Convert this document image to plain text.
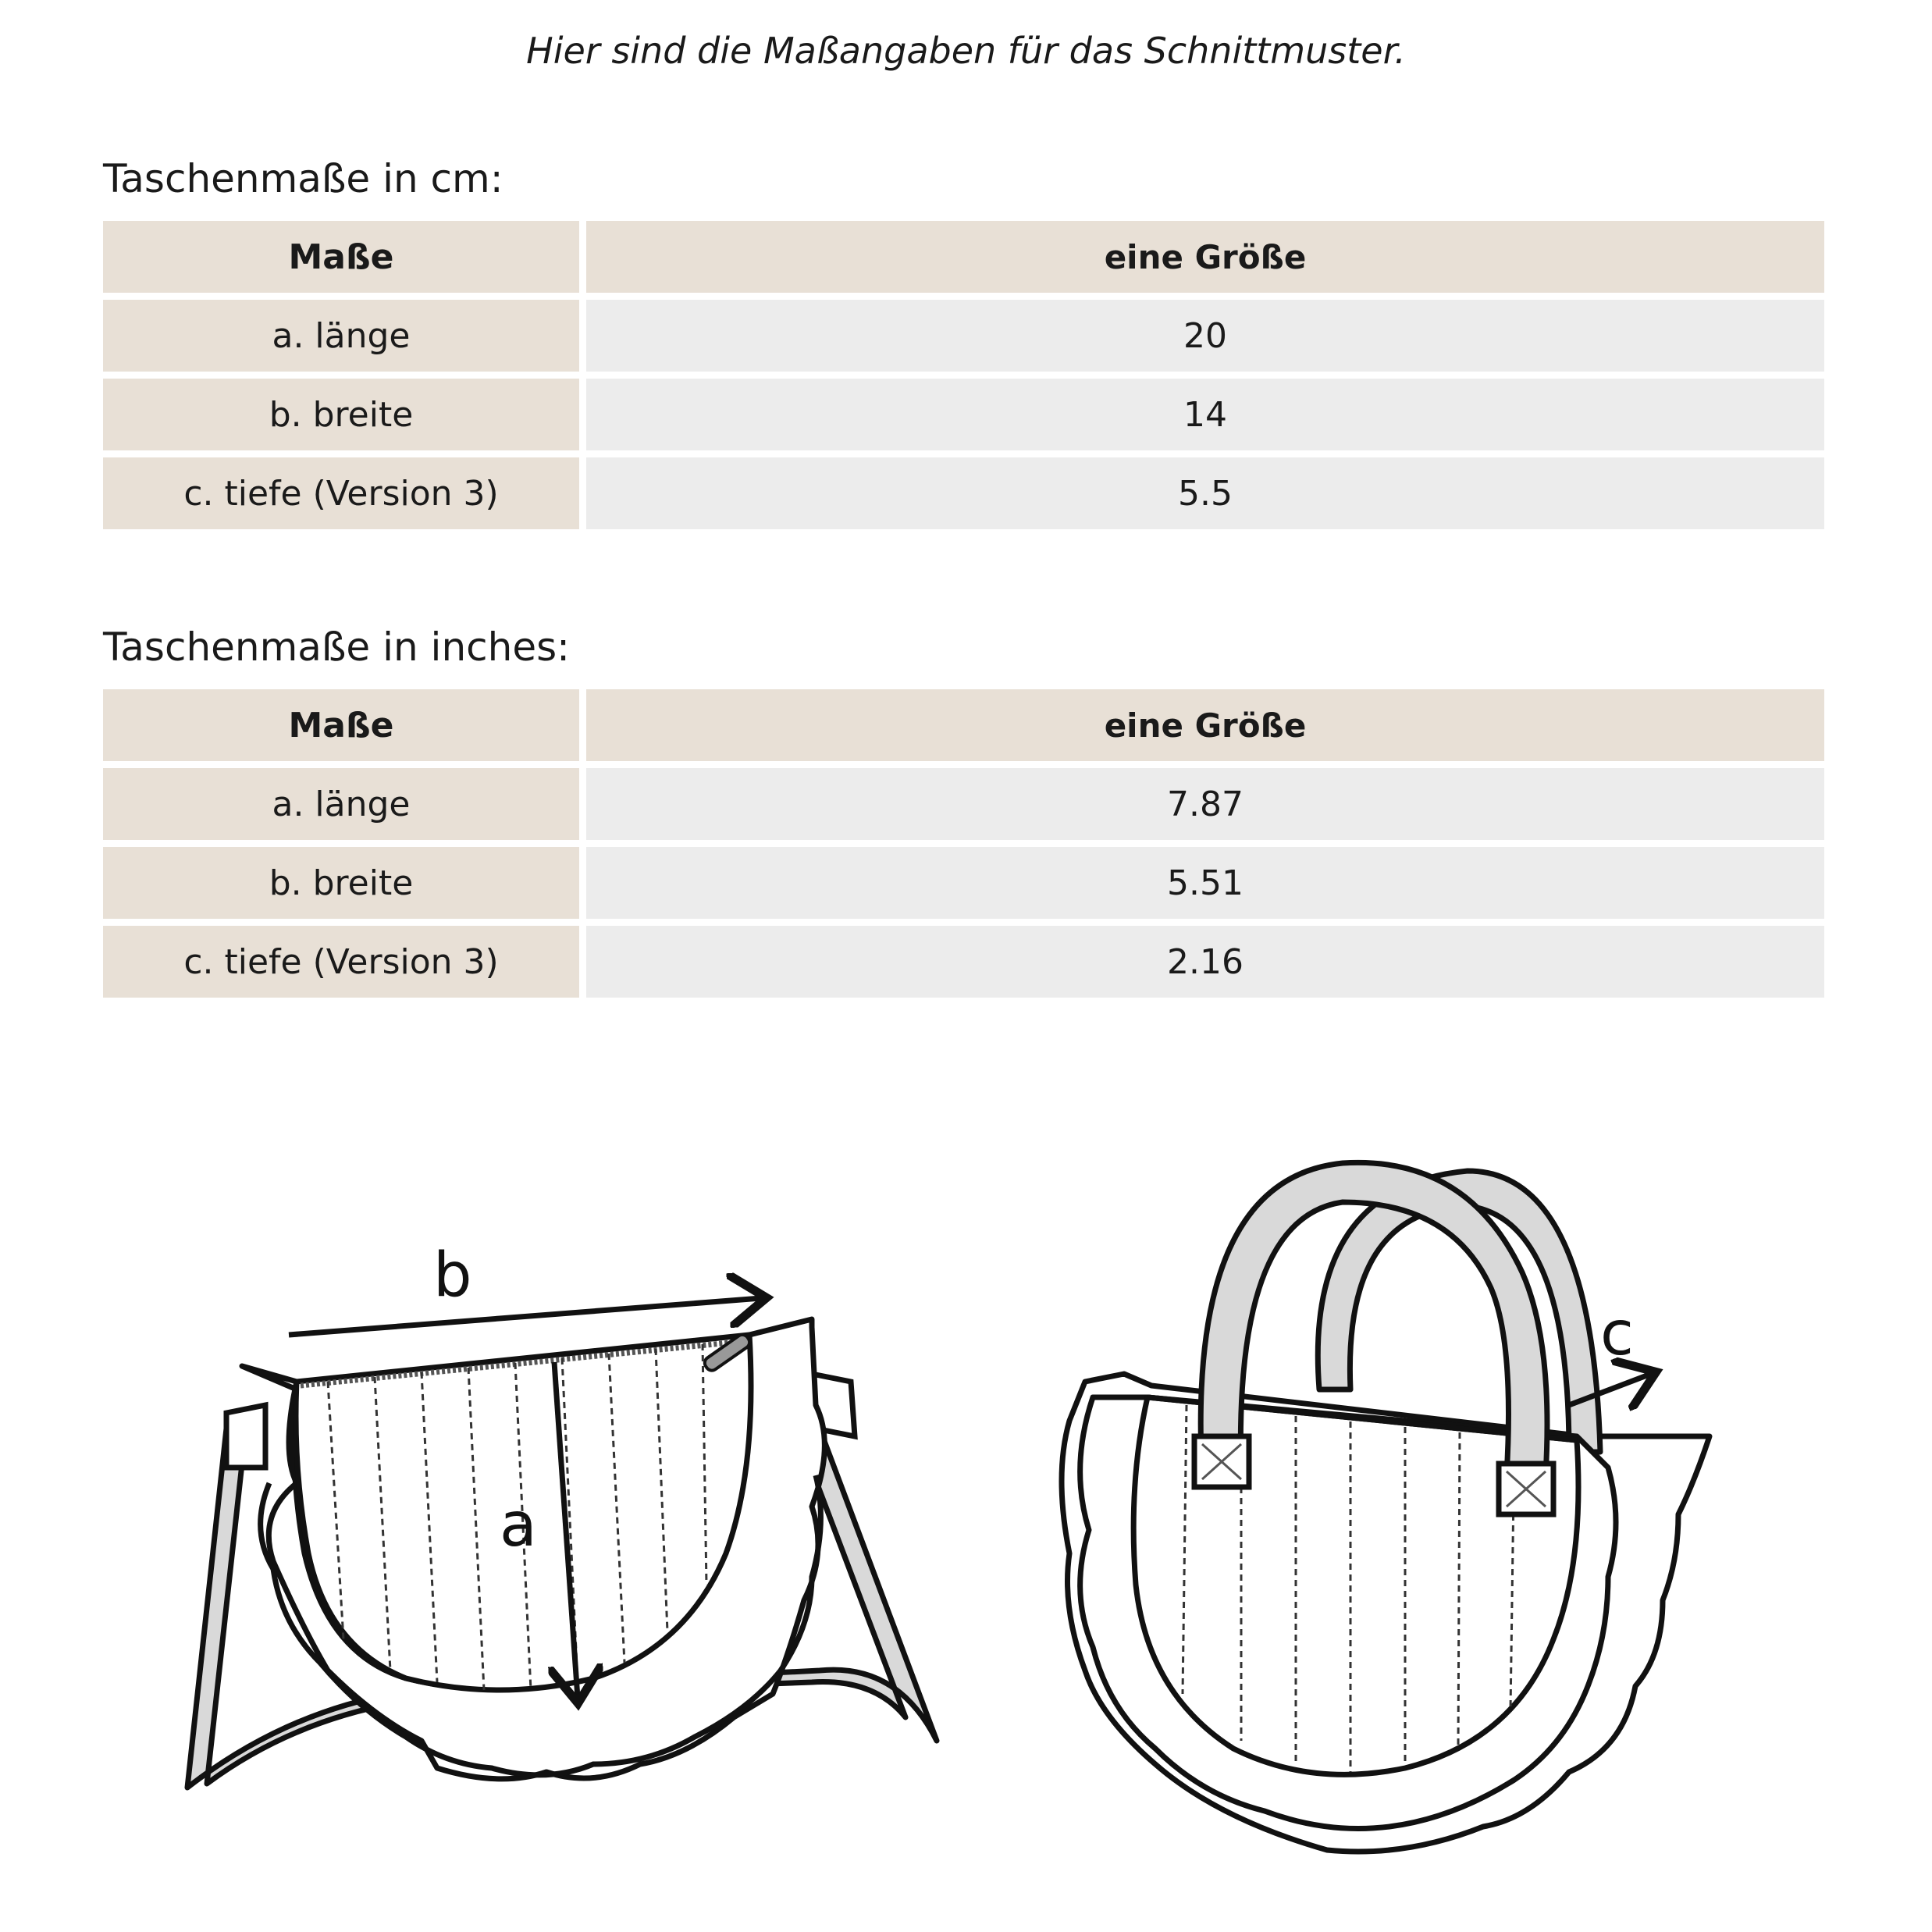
Hier sind die Maßangaben für das Schnittmuster.
Taschenmaße in cm:
Maße	eine Größe
a. länge	20
b. breite	14
c. tiefe (Version 3)	5.5
Taschenmaße in inches:
Maße	eine Größe
a. länge	7.87
b. breite	5.51
c. tiefe (Version 3)	2.16
b
a
c
